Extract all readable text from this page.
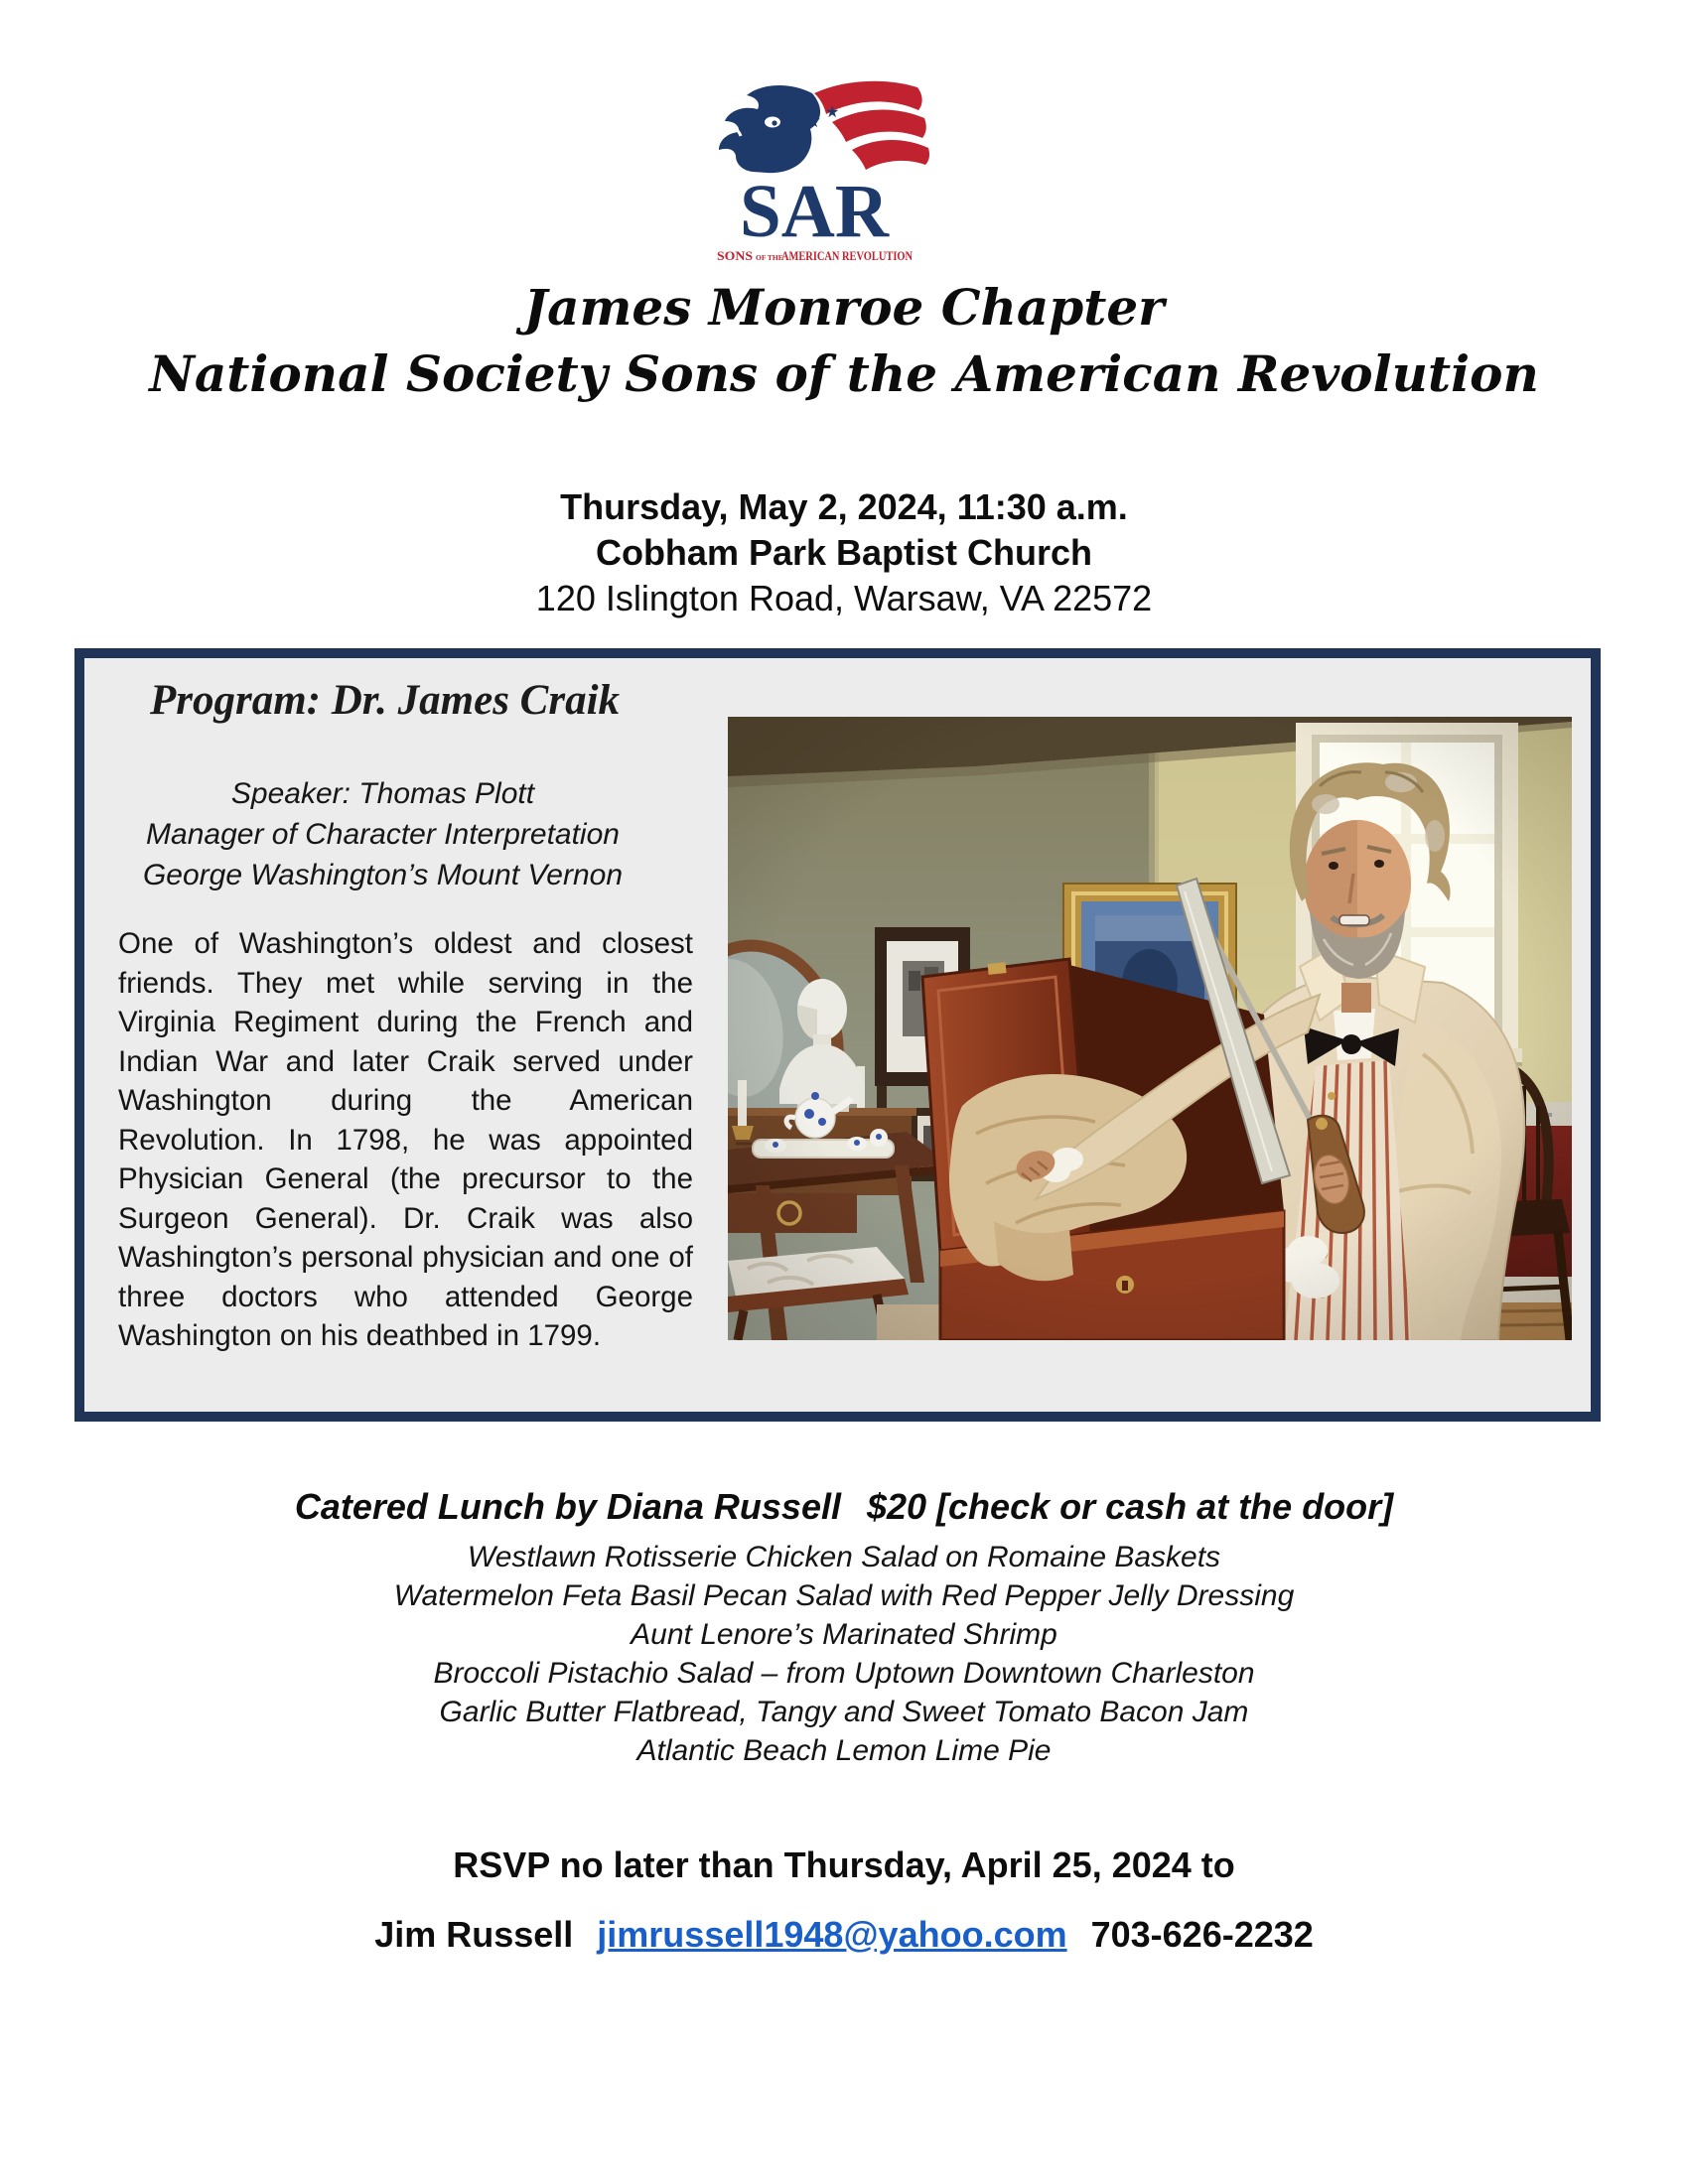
★
★ ★
SAR
SONS OF THE
AMERICAN REVOLUTION
James Monroe Chapter
National Society Sons of the American Revolution
Thursday, May 2, 2024, 11:30 a.m.
Cobham Park Baptist Church
120 Islington Road, Warsaw, VA 22572
Program: Dr. James Craik
Speaker: Thomas Plott
Manager of Character Interpretation
George Washington’s Mount Vernon
One of Washington’s oldest and closest friends. They met while serving in the Virginia Regiment during the French and Indian War and later Craik served under Washington during the American Revolution. In 1798, he was appointed Physician General (the precursor to the Surgeon General). Dr. Craik was also Washington’s personal physician and one of three doctors who attended George Washington on his deathbed in 1799.
Catered Lunch by Diana Russell $20 [check or cash at the door]
Westlawn Rotisserie Chicken Salad on Romaine Baskets
Watermelon Feta Basil Pecan Salad with Red Pepper Jelly Dressing
Aunt Lenore’s Marinated Shrimp
Broccoli Pistachio Salad – from Uptown Downtown Charleston
Garlic Butter Flatbread, Tangy and Sweet Tomato Bacon Jam
Atlantic Beach Lemon Lime Pie
RSVP no later than Thursday, April 25, 2024 to
Jim Russell jimrussell1948@yahoo.com 703-626-2232
